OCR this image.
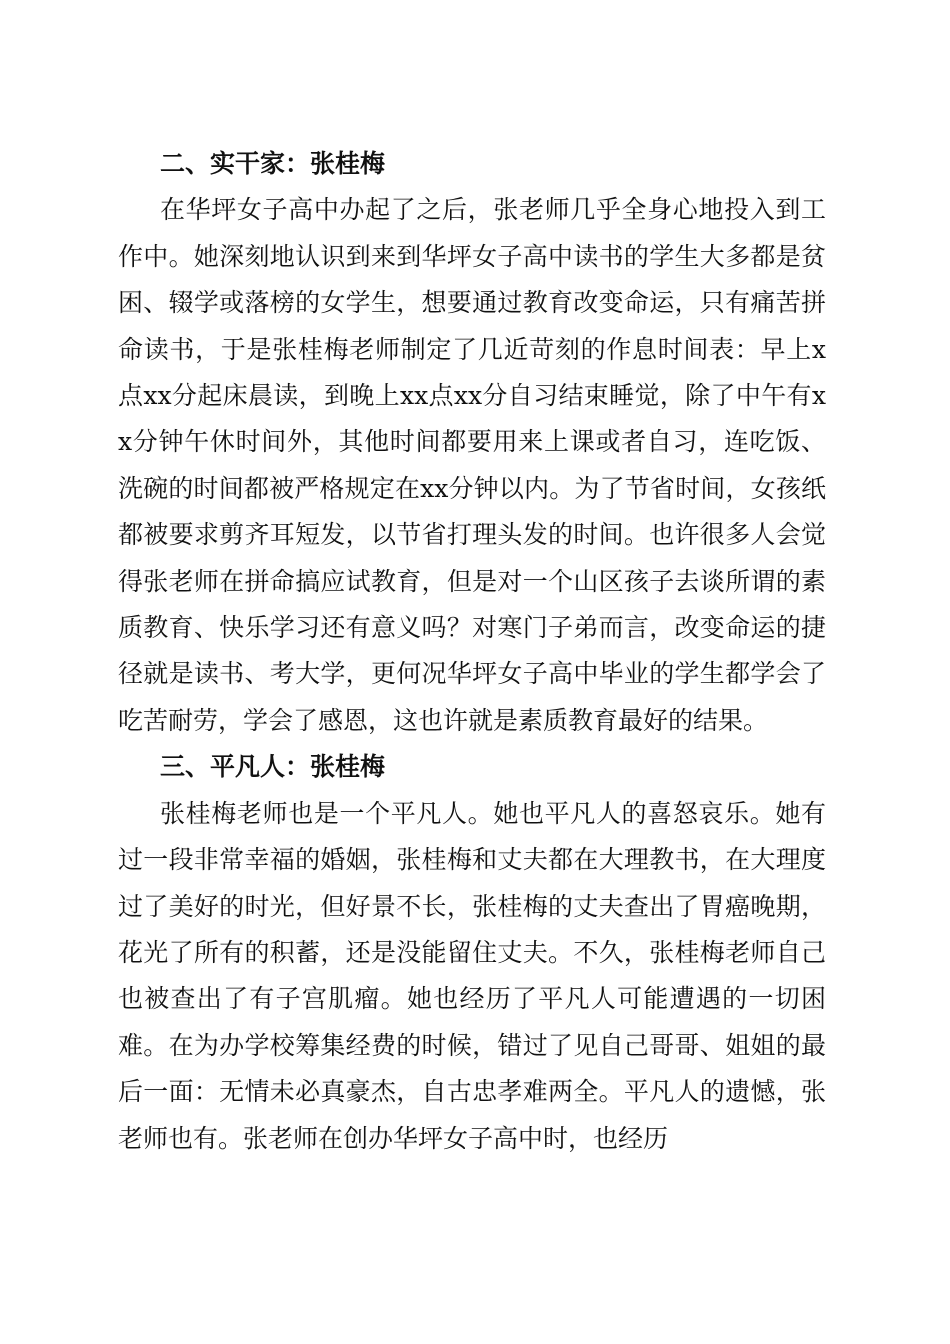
二、实干家：张桂梅

在华坪女子高中办起了之后，张老师几乎全身心地投入到工作中。她深刻地认识到来到华坪女子高中读书的学生大多都是贫困、辍学或落榜的女学生，想要通过教育改变命运，只有痛苦拼命读书，于是张桂梅老师制定了几近苛刻的作息时间表：早上x点xx分起床晨读，到晚上xx点xx分自习结束睡觉，除了中午有xx分钟午休时间外，其他时间都要用来上课或者自习，连吃饭、洗碗的时间都被严格规定在xx分钟以内。为了节省时间，女孩纸都被要求剪齐耳短发，以节省打理头发的时间。也许很多人会觉得张老师在拼命搞应试教育，但是对一个山区孩子去谈所谓的素质教育、快乐学习还有意义吗？对寒门子弟而言，改变命运的捷径就是读书、考大学，更何况华坪女子高中毕业的学生都学会了吃苦耐劳，学会了感恩，这也许就是素质教育最好的结果。

三、平凡人：张桂梅

张桂梅老师也是一个平凡人。她也平凡人的喜怒哀乐。她有过一段非常幸福的婚姻，张桂梅和丈夫都在大理教书，在大理度过了美好的时光，但好景不长，张桂梅的丈夫查出了胃癌晚期，花光了所有的积蓄，还是没能留住丈夫。不久，张桂梅老师自己也被查出了有子宫肌瘤。她也经历了平凡人可能遭遇的一切困难。在为办学校筹集经费的时候，错过了见自己哥哥、姐姐的最后一面：无情未必真豪杰，自古忠孝难两全。平凡人的遗憾，张老师也有。张老师在创办华坪女子高中时，也经历
